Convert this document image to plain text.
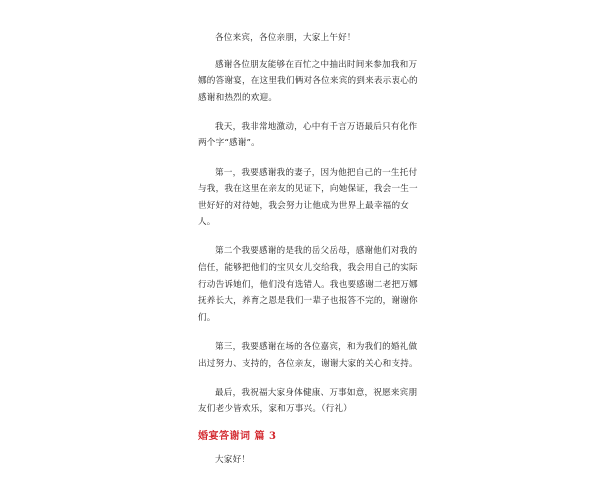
各位来宾，各位亲朋，大家上午好！

感谢各位朋友能够在百忙之中抽出时间来参加我和万娜的答谢宴，在这里我们俩对各位来宾的到来表示衷心的感谢和热烈的欢迎。

我天，我非常地激动，心中有千言万语最后只有化作两个字“感谢”。

第一，我要感谢我的妻子，因为他把自己的一生托付与我，我在这里在亲友的见证下，向她保证，我会一生一世好好的对待她，我会努力让他成为世界上最幸福的女人。

第二个我要感谢的是我的岳父岳母，感谢他们对我的信任，能够把他们的宝贝女儿交给我，我会用自己的实际行动告诉她们，他们没有选错人。我也要感谢二老把万娜抚养长大，养育之恩是我们一辈子也报答不完的，谢谢你们。

第三，我要感谢在场的各位嘉宾，和为我们的婚礼做出过努力、支持的，各位亲友，谢谢大家的关心和支持。

最后，我祝福大家身体健康、万事如意，祝愿来宾朋友们老少皆欢乐，家和万事兴。（行礼）

婚宴答谢词 篇 3

大家好！
